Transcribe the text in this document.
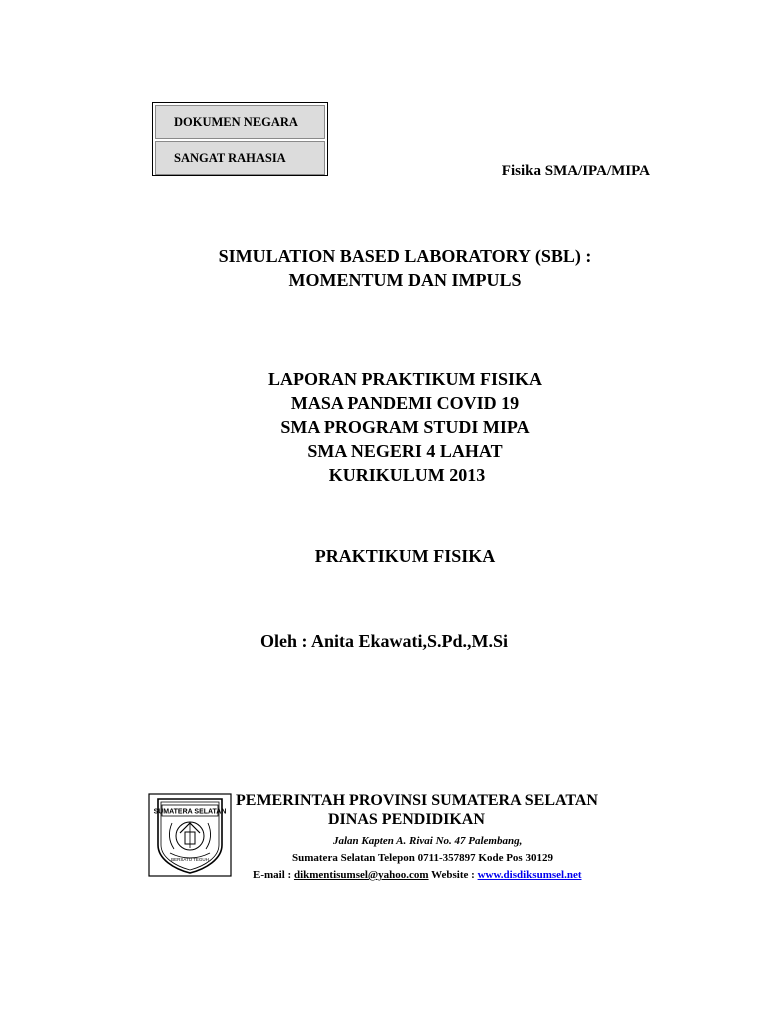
DOKUMEN NEGARA
SANGAT RAHASIA
Fisika SMA/IPA/MIPA
SIMULATION BASED LABORATORY (SBL) :
MOMENTUM DAN IMPULS
LAPORAN PRAKTIKUM FISIKA
MASA PANDEMI COVID 19
SMA PROGRAM STUDI MIPA
SMA NEGERI 4 LAHAT
KURIKULUM 2013
PRAKTIKUM FISIKA
Oleh : Anita Ekawati,S.Pd.,M.Si
SUMATERA SELATAN
BERSATU TEGUH
PEMERINTAH PROVINSI SUMATERA SELATAN
DINAS PENDIDIKAN
Jalan Kapten A. Rivai No. 47 Palembang,
Sumatera Selatan Telepon 0711-357897 Kode Pos 30129
E-mail : dikmentisumsel@yahoo.com Website : www.disdiksumsel.net
